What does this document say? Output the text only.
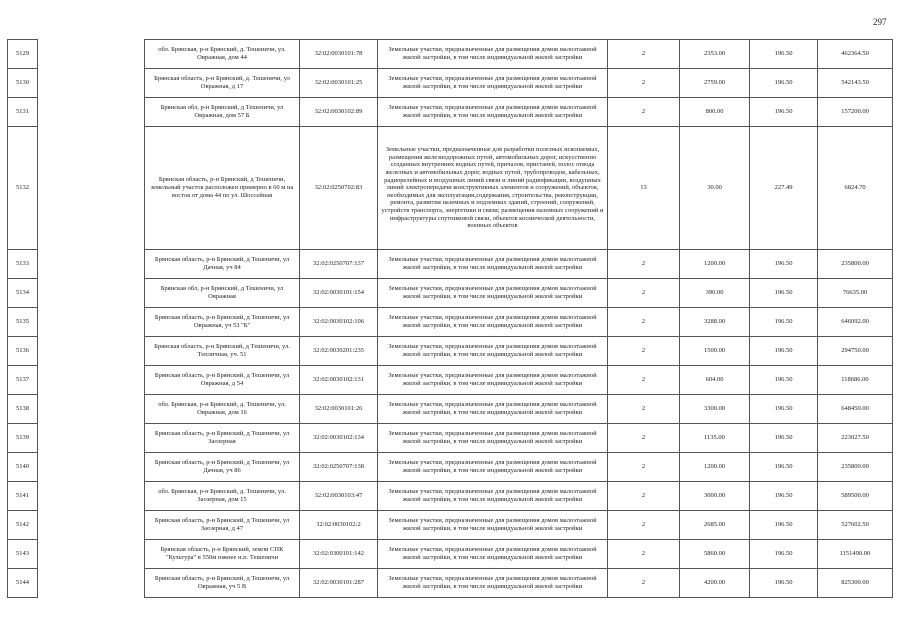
297
5129		обл. Брянская, р-н Брянский, д. Тешеничи, ул. Овражная, дом 44	32:02:0030101:78	Земельные участки, предназначенные для размещения домов малоэтажной жилой застройки, в том числе индивидуальной жилой застройки	2	2353.00	196.50	462364.50
5130		Брянская область, р-н Брянский, д. Тешеничи, ул Овражная, д 17	32:02:0030101:25	Земельные участки, предназначенные для размещения домов малоэтажной жилой застройки, в том числе индивидуальной жилой застройки	2	2759.00	196.50	542143.50
5131		Брянская обл, р-н Брянский, д Тешеничи, ул Овражная, дом 57 Б	32:02:0030102:89	Земельные участки, предназначенные для размещения домов малоэтажной жилой застройки, в том числе индивидуальной жилой застройки	2	800.00	196.50	157200.00
5132		Брянская область, р-н Брянский, д Тешеничи, земельный участок расположен примерно в 60 м на восток от дома 44 по ул. Шоссейная	32:02:0250702:83	Земельные участки, предназначенные для разработки полезных ископаемых, размещения железнодорожных путей, автомобильных дорог, искусственно созданных внутренних водных путей, причалов, пристаней, полос отвода железных и автомобильных дорог, водных путей, трубопроводов, кабельных, радиорелейных и воздушных линий связи и линий радиофикации, воздушных линий электропередачи конструктивных элементов и сооружений, объектов, необходимых для эксплуатации,содержания, строительства, реконструкции, ремонта, развития наземных и подземных зданий, строений, сооружений, устройств транспорта, энергетики и связи; размещения наземных сооружений и инфраструктуры спутниковой связи, объектов космической деятельности, военных объектов	13	30.00	227.49	6824.70
5133		Брянская область, р-н Брянский, д Тешеничи, ул Дачная, уч 84	32:02:0250707:137	Земельные участки, предназначенные для размещения домов малоэтажной жилой застройки, в том числе индивидуальной жилой застройки	2	1200.00	196.50	235800.00
5134		Брянская обл, р-н Брянский, д Тешеничи, ул Овражная	32:02:0030101:154	Земельные участки, предназначенные для размещения домов малоэтажной жилой застройки, в том числе индивидуальной жилой застройки	2	390.00	196.50	76635.00
5135		Брянская область, р-н Брянский, д Тешеничи, ул Овражная, уч 53 "Б"	32:02:0030102:106	Земельные участки, предназначенные для размещения домов малоэтажной жилой застройки, в том числе индивидуальной жилой застройки	2	3288.00	196.50	646092.00
5136		Брянская область, р-н Брянский, д Тешеничи, ул. Тепличная, уч. 51	32:02:0030201:235	Земельные участки, предназначенные для размещения домов малоэтажной жилой застройки, в том числе индивидуальной жилой застройки	2	1500.00	196.50	294750.00
5137		Брянская область, р-н Брянский, д Тешеничи, ул Овражная, д 54	32:02:0030102:131	Земельные участки, предназначенные для размещения домов малоэтажной жилой застройки, в том числе индивидуальной жилой застройки	2	604.00	196.50	118686.00
5138		обл. Брянская, р-н Брянский, д. Тешеничи, ул. Овражная, дом 16	32:02:0030101:26	Земельные участки, предназначенные для размещения домов малоэтажной жилой застройки, в том числе индивидуальной жилой застройки	2	3300.00	196.50	648450.00
5139		Брянская область, р-н Брянский, д Тешеничи, ул Заозерная	32:02:0030102:134	Земельные участки, предназначенные для размещения домов малоэтажной жилой застройки, в том числе индивидуальной жилой застройки	2	1135.00	196.50	223027.50
5140		Брянская область, р-н Брянский, д Тешеничи, ул Дачная, уч 86	32:02:0250707:138	Земельные участки, предназначенные для размещения домов малоэтажной жилой застройки, в том числе индивидуальной жилой застройки	2	1200.00	196.50	235800.00
5141		обл. Брянская, р-н Брянский, д. Тешеничи, ул. Заозерная, дом 15	32:02:0030103:47	Земельные участки, предназначенные для размещения домов малоэтажной жилой застройки, в том числе индивидуальной жилой застройки	2	3000.00	196.50	589500.00
5142		Брянская область, р-н Брянский, д Тешеничи, ул Заозерная, д 47	32:02:0030102:2	Земельные участки, предназначенные для размещения домов малоэтажной жилой застройки, в том числе индивидуальной жилой застройки	2	2685.00	196.50	527602.50
5143		Брянская область, р-н Брянский, земли СПК "Культура" в 550м южнее н.п. Тешеничи	32:02:0300101:142	Земельные участки, предназначенные для размещения домов малоэтажной жилой застройки, в том числе индивидуальной жилой застройки	2	5860.00	196.50	1151490.00
5144		Брянская область, р-н Брянский, д Тешеничи, ул Овражная, уч 5 В	32:02:0030101:287	Земельные участки, предназначенные для размещения домов малоэтажной жилой застройки, в том числе индивидуальной жилой застройки	2	4200.00	196.50	825300.00
